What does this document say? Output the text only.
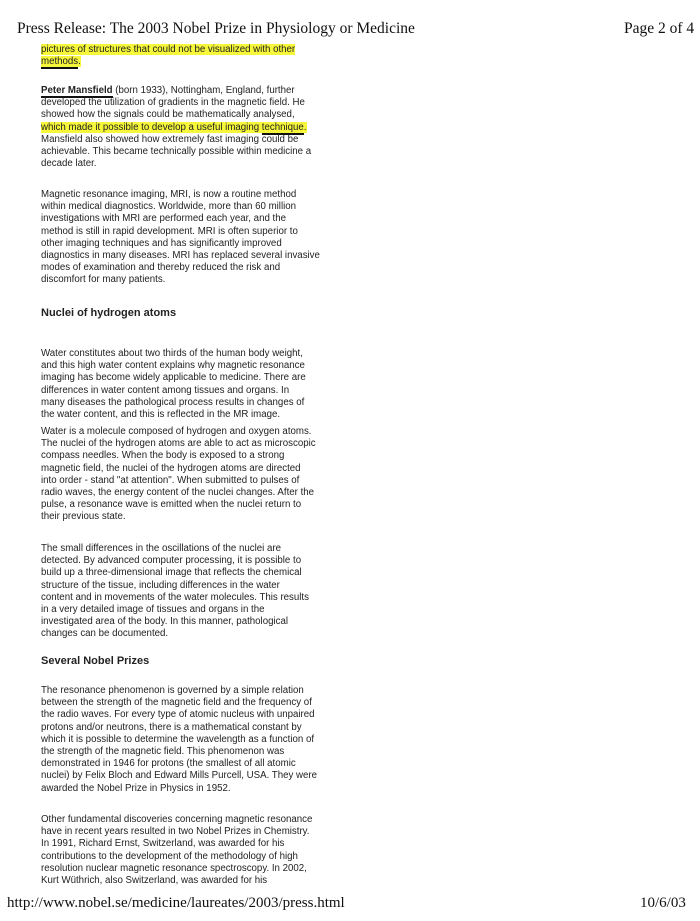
Press Release: The 2003 Nobel Prize in Physiology or Medicine	Page 2 of 4
pictures of structures that could not be visualized with other
methods.
Peter Mansfield (born 1933), Nottingham, England, further
developed the utilization of gradients in the magnetic field. He
showed how the signals could be mathematically analysed,
which made it possible to develop a useful imaging technique.
Mansfield also showed how extremely fast imaging could be
achievable. This became technically possible within medicine a
decade later.
Magnetic resonance imaging, MRI, is now a routine method
within medical diagnostics. Worldwide, more than 60 million
investigations with MRI are performed each year, and the
method is still in rapid development. MRI is often superior to
other imaging techniques and has significantly improved
diagnostics in many diseases. MRI has replaced several invasive
modes of examination and thereby reduced the risk and
discomfort for many patients.
Nuclei of hydrogen atoms
Water constitutes about two thirds of the human body weight,
and this high water content explains why magnetic resonance
imaging has become widely applicable to medicine. There are
differences in water content among tissues and organs. In
many diseases the pathological process results in changes of
the water content, and this is reflected in the MR image.
Water is a molecule composed of hydrogen and oxygen atoms.
The nuclei of the hydrogen atoms are able to act as microscopic
compass needles. When the body is exposed to a strong
magnetic field, the nuclei of the hydrogen atoms are directed
into order - stand "at attention". When submitted to pulses of
radio waves, the energy content of the nuclei changes. After the
pulse, a resonance wave is emitted when the nuclei return to
their previous state.
The small differences in the oscillations of the nuclei are
detected. By advanced computer processing, it is possible to
build up a three-dimensional image that reflects the chemical
structure of the tissue, including differences in the water
content and in movements of the water molecules. This results
in a very detailed image of tissues and organs in the
investigated area of the body. In this manner, pathological
changes can be documented.
Several Nobel Prizes
The resonance phenomenon is governed by a simple relation
between the strength of the magnetic field and the frequency of
the radio waves. For every type of atomic nucleus with unpaired
protons and/or neutrons, there is a mathematical constant by
which it is possible to determine the wavelength as a function of
the strength of the magnetic field. This phenomenon was
demonstrated in 1946 for protons (the smallest of all atomic
nuclei) by Felix Bloch and Edward Mills Purcell, USA. They were
awarded the Nobel Prize in Physics in 1952.
Other fundamental discoveries concerning magnetic resonance
have in recent years resulted in two Nobel Prizes in Chemistry.
In 1991, Richard Ernst, Switzerland, was awarded for his
contributions to the development of the methodology of high
resolution nuclear magnetic resonance spectroscopy. In 2002,
Kurt Wüthrich, also Switzerland, was awarded for his
http://www.nobel.se/medicine/laureates/2003/press.html	10/6/03
